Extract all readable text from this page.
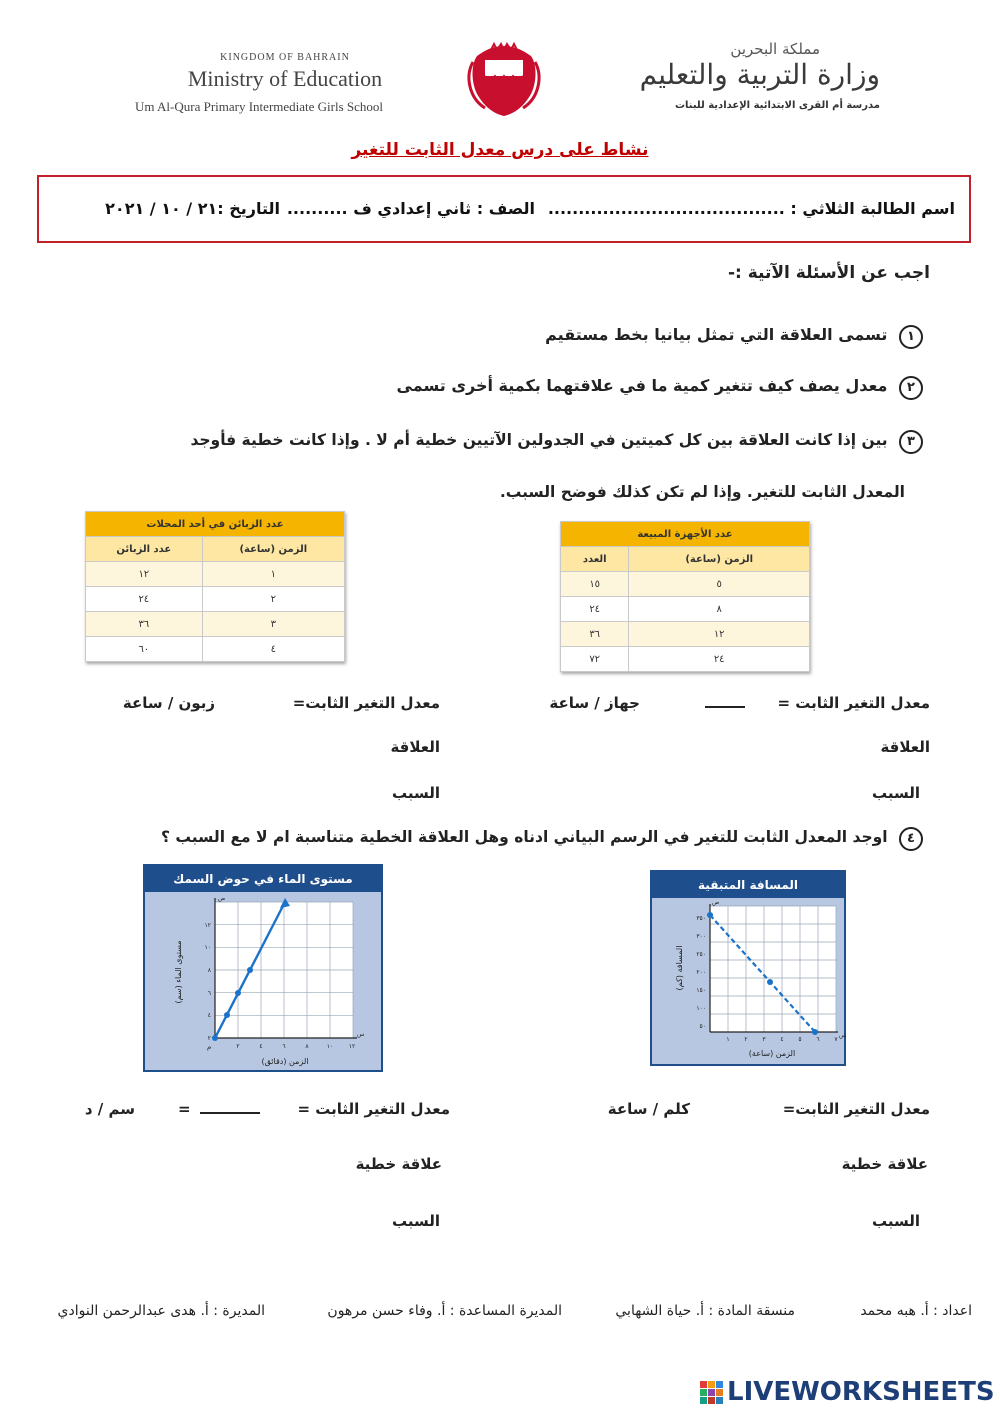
KINGDOM OF BAHRAIN
Ministry of Education
Um Al-Qura Primary Intermediate Girls School
مملكة البحرين
وزارة التربية والتعليم
مدرسة أم القرى الابتدائية الإعدادية للبنات
نشاط على درس معدل الثابت للتغير
اسم الطالبة الثلاثي : .......................................
الصف : ثاني إعدادي ف ..........
التاريخ :٢١ / ١٠ / ٢٠٢١
اجب عن الأسئلة الآتية :-
١ تسمى العلاقة التي تمثل بيانيا بخط مستقيم
٢ معدل يصف كيف تتغير كمية ما في علاقتهما بكمية أخرى تسمى
٣ بين إذا كانت العلاقة بين كل كميتين في الجدولين الآتيين خطية أم لا . وإذا كانت خطية فأوجد
المعدل الثابت للتغير. وإذا لم تكن كذلك فوضح السبب.
عدد الأجهزة المبيعة	
الزمن (ساعة)	العدد
٥	١٥
٨	٢٤
١٢	٣٦
٢٤	٧٢
عدد الزبائن في أحد المحلات	
الزمن (ساعة)	عدد الزبائن
١	١٢
٢	٢٤
٣	٣٦
٤	٦٠
معدل التغير الثابت =
جهاز / ساعة
معدل التغير الثابت=
زبون / ساعة
العلاقة
العلاقة
السبب
السبب
٤ اوجد المعدل الثابت للتغير في الرسم البياني ادناه وهل العلاقة الخطية متناسبة ام لا مع السبب ؟
المسافة المتبقية
٣٥٠
٣٠٠
٢٥٠
٢٠٠
١٥٠
١٠٠
٥٠
١ ٢ ٣ ٤ ٥ ٦ ٧
الزمن (ساعة)
المسافة (كم)
س
ص
مستوى الماء في حوض السمك
١٢
١٠
٨
٦
٤
٢
٢	٤	٦	٨	١٠	١٢
م
الزمن (دقائق)
مستوى الماء (سم)
س
ص
معدل التغير الثابت=
كلم / ساعة
معدل التغير الثابت =
=
سم / د
علاقة خطية
علاقة خطية
السبب
السبب
اعداد : أ. هبه محمد
منسقة المادة : أ. حياة الشهابي
المديرة المساعدة : أ. وفاء حسن مرهون
المديرة : أ. هدى عبدالرحمن النوادي
LIVEWORKSHEETS
